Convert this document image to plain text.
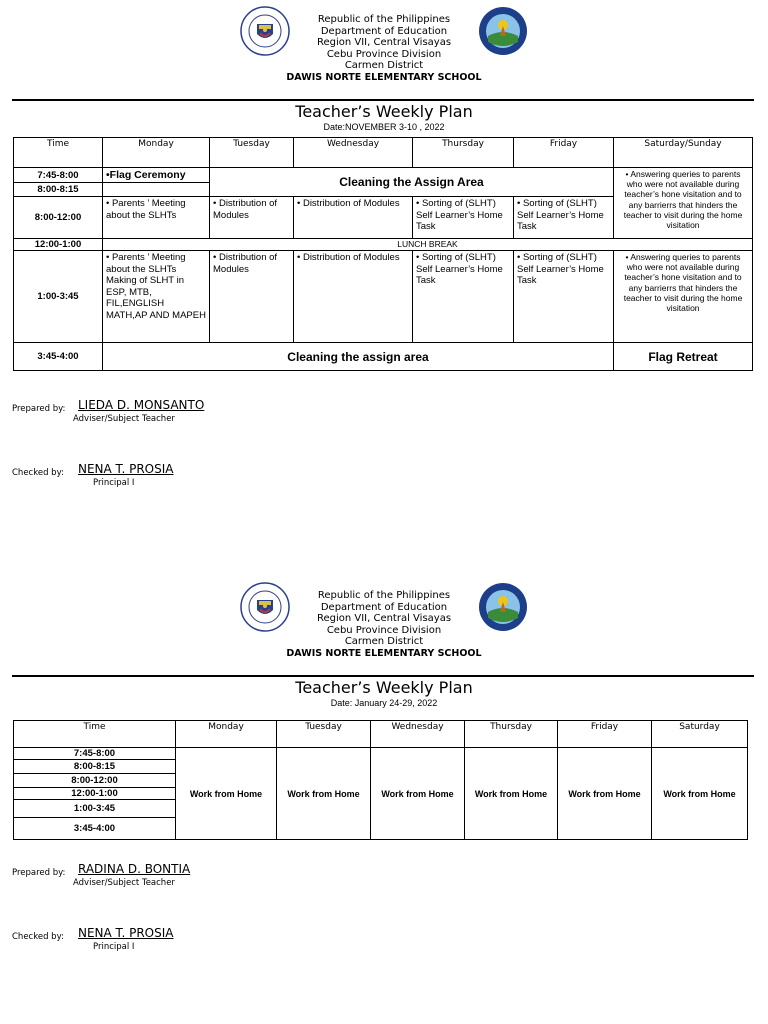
Republic of the Philippines
Department of Education
Region VII, Central Visayas
Cebu Province Division
Carmen District
DAWIS NORTE ELEMENTARY SCHOOL
Teacher’s Weekly Plan
Date:NOVEMBER 3-10 , 2022
Time	Monday	Tuesday	Wednesday	Thursday	Friday	Saturday/Sunday
7:45-8:00	•Flag Ceremony	Cleaning the Assign Area				• Answering queries to parents who were not available during teacher’s hone visitation and to any barrierrs that hinders the teacher to visit during the home visitation
8:00-8:15						
8:00-12:00	• Parents ’ Meeting about the SLHTs	• Distribution of Modules	• Distribution of Modules	• Sorting of (SLHT) Self Learner’s Home Task	• Sorting of (SLHT) Self Learner’s Home Task	
12:00-1:00	LUNCH BREAK					
1:00-3:45	• Parents ’ Meeting about the SLHTs Making of SLHT in ESP, MTB, FIL,ENGLISH MATH,AP AND MAPEH	• Distribution of Modules	• Distribution of Modules	• Sorting of (SLHT) Self Learner’s Home Task	• Sorting of (SLHT) Self Learner’s Home Task	• Answering queries to parents who were not available during teacher’s hone visitation and to any barrierrs that hinders the teacher to visit during the home visitation
3:45-4:00	Cleaning the assign area					Flag Retreat
Prepared by: LIEDA D. MONSANTO
Adviser/Subject Teacher
Checked by: NENA T. PROSIA
Principal I
Republic of the Philippines
Department of Education
Region VII, Central Visayas
Cebu Province Division
Carmen District
DAWIS NORTE ELEMENTARY SCHOOL
Teacher’s Weekly Plan
Date: January 24-29, 2022
Time	Monday	Tuesday	Wednesday	Thursday	Friday	Saturday
7:45-8:00	Work from Home	Work from Home	Work from Home	Work from Home	Work from Home	Work from Home
8:00-8:15						
8:00-12:00						
12:00-1:00						
1:00-3:45						
3:45-4:00						
Prepared by: RADINA D. BONTIA
Adviser/Subject Teacher
Checked by: NENA T. PROSIA
Principal I
